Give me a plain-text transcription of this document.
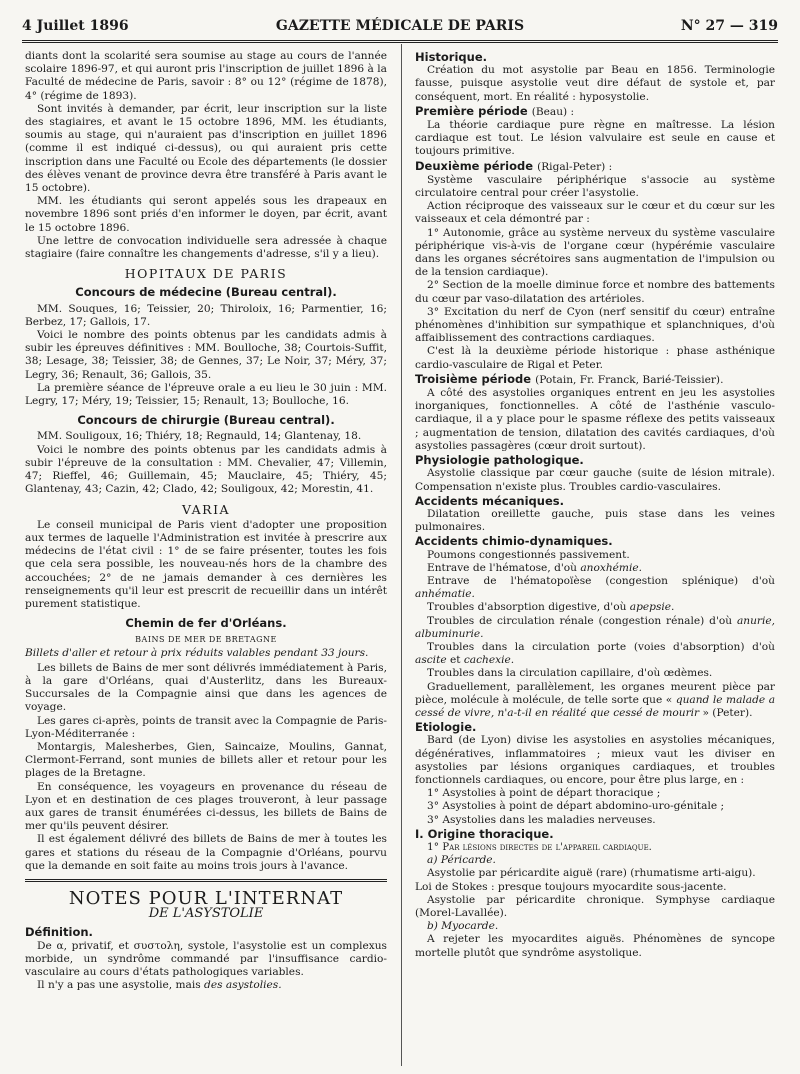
4 Juillet 1896	GAZETTE MÉDICALE DE PARIS	N° 27 — 319

diants dont la scolarité sera soumise au stage au cours de l'année scolaire 1896-97, et qui auront pris l'inscription de juillet 1896 à la Faculté de médecine de Paris, savoir : 8° ou 12° (régime de 1878), 4° (régime de 1893).

Sont invités à demander, par écrit, leur inscription sur la liste des stagiaires, et avant le 15 octobre 1896, MM. les étudiants, soumis au stage, qui n'auraient pas d'inscription en juillet 1896 (comme il est indiqué ci-dessus), ou qui auraient pris cette inscription dans une Faculté ou Ecole des départements (le dossier des élèves venant de province devra être transféré à Paris avant le 15 octobre).

MM. les étudiants qui seront appelés sous les drapeaux en novembre 1896 sont priés d'en informer le doyen, par écrit, avant le 15 octobre 1896.

Une lettre de convocation individuelle sera adressée à chaque stagiaire (faire connaître les changements d'adresse, s'il y a lieu).

HOPITAUX DE PARIS
Concours de médecine (Bureau central).

MM. Souques, 16; Teissier, 20; Thiroloix, 16; Parmentier, 16; Berbez, 17; Gallois, 17.

Voici le nombre des points obtenus par les candidats admis à subir les épreuves définitives : MM. Boulloche, 38; Courtois-Suffit, 38; Lesage, 38; Teissier, 38; de Gennes, 37; Le Noir, 37; Méry, 37; Legry, 36; Renault, 36; Gallois, 35.

La première séance de l'épreuve orale a eu lieu le 30 juin : MM. Legry, 17; Méry, 19; Teissier, 15; Renault, 13; Boulloche, 16.

Concours de chirurgie (Bureau central).

MM. Souligoux, 16; Thiéry, 18; Regnauld, 14; Glantenay, 18.

Voici le nombre des points obtenus par les candidats admis à subir l'épreuve de la consultation : MM. Chevalier, 47; Villemin, 47; Rieffel, 46; Guillemain, 45; Mauclaire, 45; Thiéry, 45; Glantenay, 43; Cazin, 42; Clado, 42; Souligoux, 42; Morestin, 41.

VARIA

Le conseil municipal de Paris vient d'adopter une proposition aux termes de laquelle l'Administration est invitée à prescrire aux médecins de l'état civil : 1° de se faire présenter, toutes les fois que cela sera possible, les nouveau-nés hors de la chambre des accouchées; 2° de ne jamais demander à ces dernières les renseignements qu'il leur est prescrit de recueillir dans un intérêt purement statistique.

Chemin de fer d'Orléans.
BAINS DE MER DE BRETAGNE

Billets d'aller et retour à prix réduits valables pendant 33 jours.

Les billets de Bains de mer sont délivrés immédiatement à Paris, à la gare d'Orléans, quai d'Austerlitz, dans les Bureaux-Succursales de la Compagnie ainsi que dans les agences de voyage.

Les gares ci-après, points de transit avec la Compagnie de Paris-Lyon-Méditerranée :

Montargis, Malesherbes, Gien, Saincaize, Moulins, Gannat, Clermont-Ferrand, sont munies de billets aller et retour pour les plages de la Bretagne.

En conséquence, les voyageurs en provenance du réseau de Lyon et en destination de ces plages trouveront, à leur passage aux gares de transit énumérées ci-dessus, les billets de Bains de mer qu'ils peuvent désirer.

Il est également délivré des billets de Bains de mer à toutes les gares et stations du réseau de la Compagnie d'Orléans, pourvu que la demande en soit faite au moins trois jours à l'avance.

NOTES POUR L'INTERNAT
DE L'ASYSTOLIE
Définition.

De α, privatif, et συστολη, systole, l'asystolie est un complexus morbide, un syndrôme commandé par l'insuffisance cardio-vasculaire au cours d'états pathologiques variables.

Il n'y a pas une asystolie, mais des asystolies.

Historique.

Création du mot asystolie par Beau en 1856. Terminologie fausse, puisque asystolie veut dire défaut de systole et, par conséquent, mort. En réalité : hyposystolie.

Première période (Beau) :

La théorie cardiaque pure règne en maîtresse. La lésion cardiaque est tout. Le lésion valvulaire est seule en cause et toujours primitive.

Deuxième période (Rigal-Peter) :

Système vasculaire périphérique s'associe au système circulatoire central pour créer l'asystolie.

Action réciproque des vaisseaux sur le cœur et du cœur sur les vaisseaux et cela démontré par :

1° Autonomie, grâce au système nerveux du système vasculaire périphérique vis-à-vis de l'organe cœur (hypérémie vasculaire dans les organes sécrétoires sans augmentation de l'impulsion ou de la tension cardiaque).

2° Section de la moelle diminue force et nombre des battements du cœur par vaso-dilatation des artérioles.

3° Excitation du nerf de Cyon (nerf sensitif du cœur) entraîne phénomènes d'inhibition sur sympathique et splanchniques, d'où affaiblissement des contractions cardiaques.

C'est là la deuxième période historique : phase asthénique cardio-vasculaire de Rigal et Peter.

Troisième période (Potain, Fr. Franck, Barié-Teissier).

A côté des asystolies organiques entrent en jeu les asystolies inorganiques, fonctionnelles. A côté de l'asthénie vasculo-cardiaque, il a y place pour le spasme réflexe des petits vaisseaux ; augmentation de tension, dilatation des cavités cardiaques, d'où asystolies passagères (cœur droit surtout).

Physiologie pathologique.

Asystolie classique par cœur gauche (suite de lésion mitrale). Compensation n'existe plus. Troubles cardio-vasculaires.

Accidents mécaniques.

Dilatation oreillette gauche, puis stase dans les veines pulmonaires.

Accidents chimio-dynamiques.

Poumons congestionnés passivement.

Entrave de l'hématose, d'où anoxhémie.

Entrave de l'hématopoïèse (congestion splénique) d'où anhématie.

Troubles d'absorption digestive, d'où apepsie.

Troubles de circulation rénale (congestion rénale) d'où anurie, albuminurie.

Troubles dans la circulation porte (voies d'absorption) d'où ascite et cachexie.

Troubles dans la circulation capillaire, d'où œdèmes.

Graduellement, parallèlement, les organes meurent pièce par pièce, molécule à molécule, de telle sorte que « quand le malade a cessé de vivre, n'a-t-il en réalité que cessé de mourir » (Peter).

Etiologie.

Bard (de Lyon) divise les asystolies en asystolies mécaniques, dégénératives, inflammatoires ; mieux vaut les diviser en asystolies par lésions organiques cardiaques, et troubles fonctionnels cardiaques, ou encore, pour être plus large, en :

1° Asystolies à point de départ thoracique ;

3° Asystolies à point de départ abdomino-uro-génitale ;

3° Asystolies dans les maladies nerveuses.

I. Origine thoracique.

1° Par lésions directes de l'appareil cardiaque.

a) Péricarde.

Asystolie par péricardite aiguë (rare) (rhumatisme arti-aigu).

Loi de Stokes : presque toujours myocardite sous-jacente.

Asystolie par péricardite chronique. Symphyse cardiaque (Morel-Lavallée).

b) Myocarde.

A rejeter les myocardites aiguës. Phénomènes de syncope mortelle plutôt que syndrôme asystolique.
